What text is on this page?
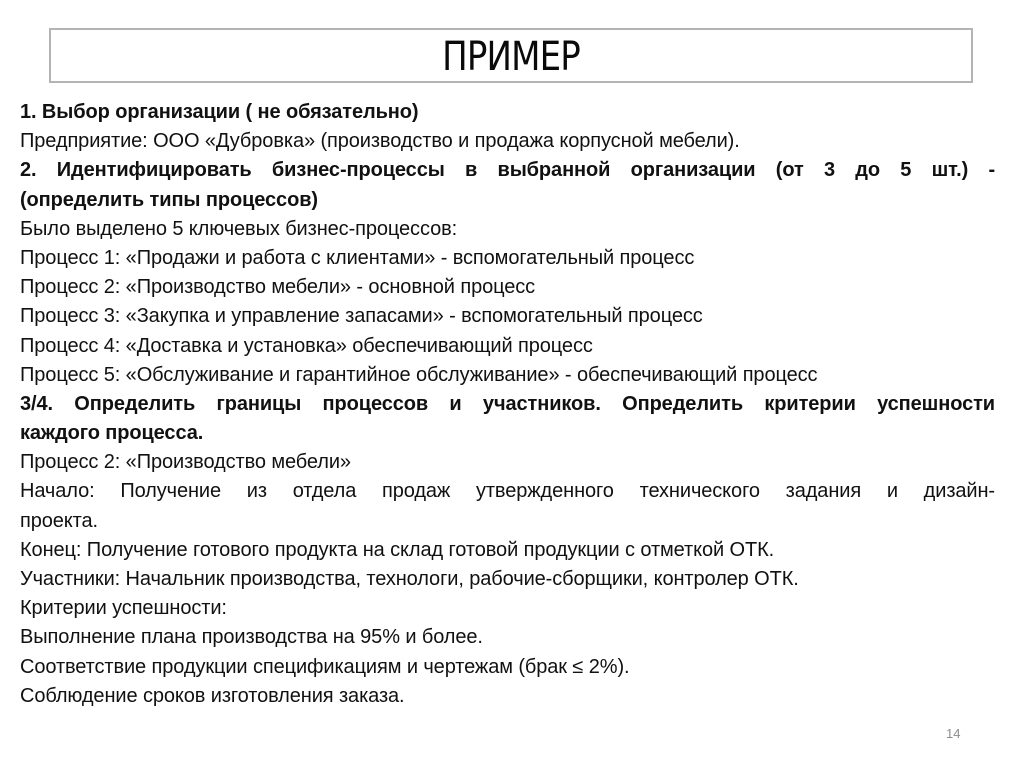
ПРИМЕР
1. Выбор организации ( не обязательно)
Предприятие: ООО «Дубровка» (производство и продажа корпусной мебели).
2. Идентифицировать бизнес-процессы в выбранной организации (от 3 до 5 шт.) -
(определить типы процессов)
Было выделено 5 ключевых бизнес-процессов:
Процесс 1: «Продажи и работа с клиентами» - вспомогательный процесс
Процесс 2: «Производство мебели» - основной процесс
Процесс 3: «Закупка и управление запасами» - вспомогательный процесс
Процесс 4: «Доставка и установка» обеспечивающий процесс
Процесс 5: «Обслуживание и гарантийное обслуживание» - обеспечивающий процесс
3/4. Определить границы процессов и участников. Определить критерии успешности
каждого процесса.
Процесс 2: «Производство мебели»
Начало: Получение из отдела продаж утвержденного технического задания и дизайн-
проекта.
Конец: Получение готового продукта на склад готовой продукции с отметкой ОТК.
Участники: Начальник производства, технологи, рабочие-сборщики, контролер ОТК.
Критерии успешности:
Выполнение плана производства на 95% и более.
Соответствие продукции спецификациям и чертежам (брак ≤ 2%).
Соблюдение сроков изготовления заказа.
14
